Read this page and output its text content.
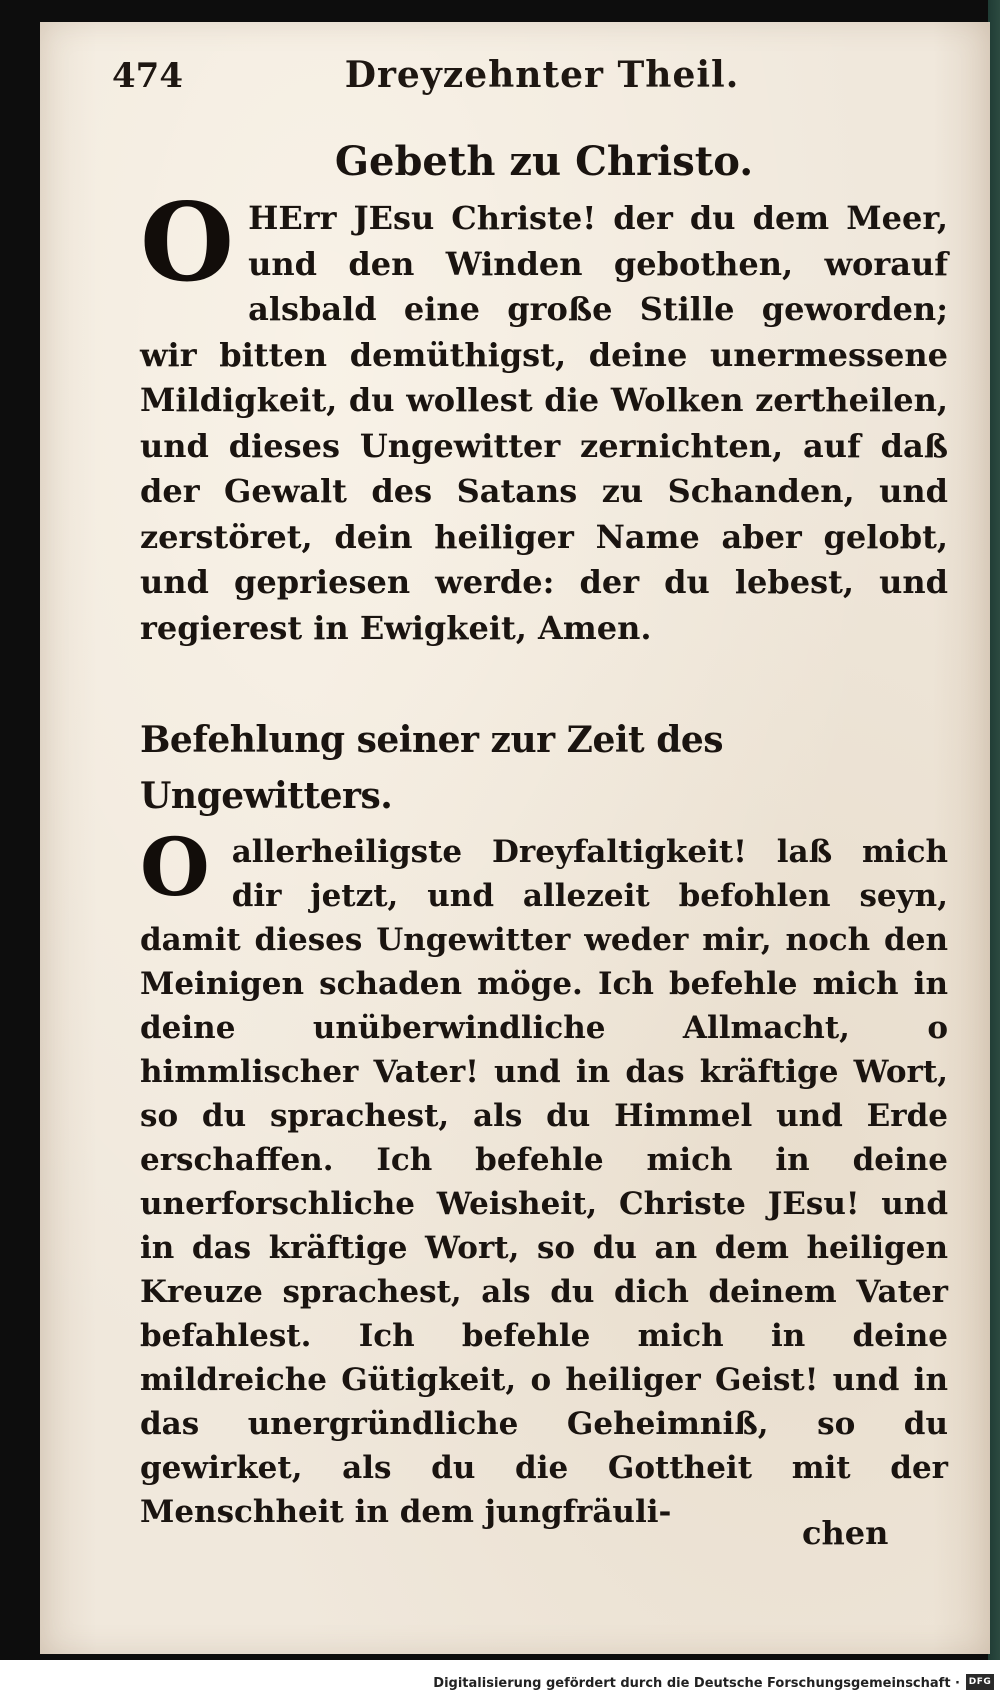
474	Dreyzehnter Theil.
Gebeth zu Christo.

O HErr JEsu Christe! der du dem Meer, und den Winden gebothen, worauf alsbald eine große Stille geworden; wir bitten demüthigst, deine unermessene Mildigkeit, du wollest die Wolken zertheilen, und dieses Ungewitter zernichten, auf daß der Gewalt des Satans zu Schanden, und zerstöret, dein heiliger Name aber gelobt, und gepriesen werde: der du lebest, und regierest in Ewigkeit, Amen.

Befehlung seiner zur Zeit des Ungewitters.

Oallerheiligste Dreyfaltigkeit! laß mich dir jetzt, und allezeit befohlen seyn, damit dieses Ungewitter weder mir, noch den Meinigen schaden möge. Ich befehle mich in deine unüberwindliche Allmacht, o himmlischer Vater! und in das kräftige Wort, so du sprachest, als du Himmel und Erde erschaffen. Ich befehle mich in deine unerforschliche Weisheit, Christe JEsu! und in das kräftige Wort, so du an dem heiligen Kreuze sprachest, als du dich deinem Vater befahlest. Ich befehle mich in deine mildreiche Gütigkeit, o heiliger Geist! und in das unergründliche Geheimniß, so du gewirket, als du die Gottheit mit der Menschheit in dem jungfräuli-

chen
Digitalisierung gefördert durch die Deutsche Forschungsgemeinschaft · DFG
